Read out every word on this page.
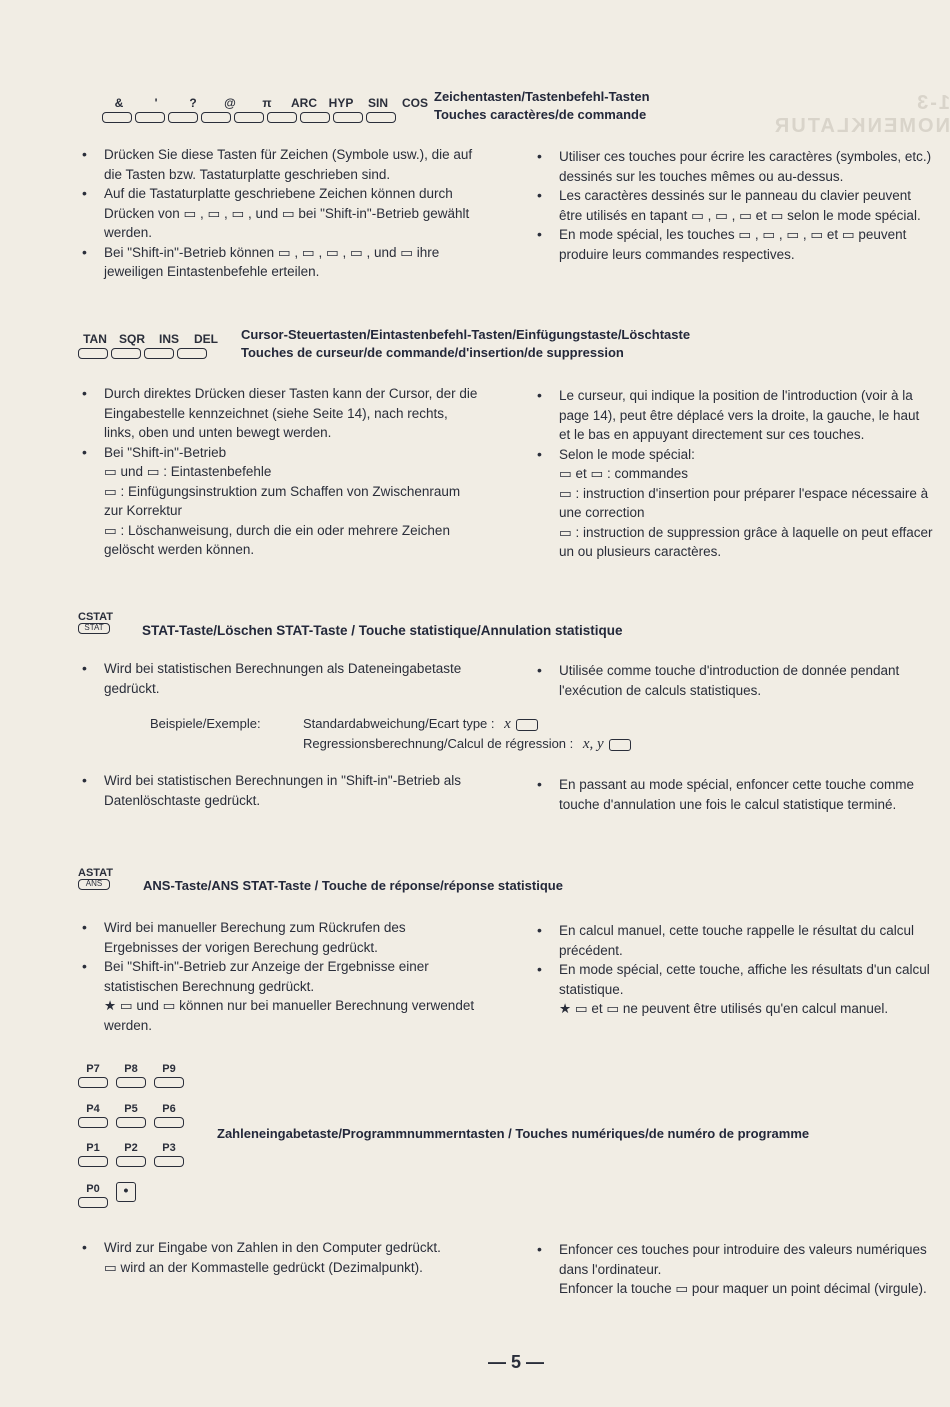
1-3 NOMENKLATUR
&	'	?	@	π	ARC HYP	SIN	COS Zeichentasten/Tastenbefehl-Tasten
Touches caractères/de commande
• Drücken Sie diese Tasten für Zeichen (Symbole usw.), die auf die Tasten bzw. Tastaturplatte geschrieben sind.
• Auf die Tastaturplatte geschriebene Zeichen können durch Drücken von ▭ , ▭ , ▭ , und ▭ bei "Shift-in"-Betrieb gewählt werden.
• Bei "Shift-in"-Betrieb können ▭ , ▭ , ▭ , ▭ , und ▭ ihre jeweiligen Eintastenbefehle erteilen.
• Utiliser ces touches pour écrire les caractères (symboles, etc.) dessinés sur les touches mêmes ou au-dessus.
• Les caractères dessinés sur le panneau du clavier peuvent être utilisés en tapant ▭ , ▭ , ▭ et ▭ selon le mode spécial.
• En mode spécial, les touches ▭ , ▭ , ▭ , ▭ et ▭ peuvent produire leurs commandes respectives.
TAN	SQR	INS	DEL	Cursor-Steuertasten/Eintastenbefehl-Tasten/Einfügungstaste/Löschtaste
Touches de curseur/de commande/d'insertion/de suppression
• Durch direktes Drücken dieser Tasten kann der Cursor, der die Eingabestelle kennzeichnet (siehe Seite 14), nach rechts, links, oben und unten bewegt werden.
• Bei "Shift-in"-Betrieb
▭ und ▭ : Eintastenbefehle
▭ : Einfügungsinstruktion zum Schaffen von Zwischenraum zur Korrektur
▭ : Löschanweisung, durch die ein oder mehrere Zeichen gelöscht werden können.
• Le curseur, qui indique la position de l'introduction (voir à la page 14), peut être déplacé vers la droite, la gauche, le haut et le bas en appuyant directement sur ces touches.
• Selon le mode spécial:
▭ et ▭ : commandes
▭ : instruction d'insertion pour préparer l'espace nécessaire à une correction
▭ : instruction de suppression grâce à laquelle on peut effacer un ou plusieurs caractères.
CSTAT
STAT	STAT-Taste/Löschen STAT-Taste / Touche statistique/Annulation statistique
• Wird bei statistischen Berechnungen als Dateneingabetaste gedrückt.
• Utilisée comme touche d'introduction de donnée pendant l'exécution de calculs statistiques.
Beispiele/Exemple:	Standardabweichung/Ecart type : x
Regressionsberechnung/Calcul de régression : x, y
• Wird bei statistischen Berechnungen in "Shift-in"-Betrieb als Datenlöschtaste gedrückt.
• En passant au mode spécial, enfoncer cette touche comme touche d'annulation une fois le calcul statistique terminé.
ASTAT
ANS	ANS-Taste/ANS STAT-Taste / Touche de réponse/réponse statistique
• Wird bei manueller Berechung zum Rückrufen des Ergebnisses der vorigen Berechung gedrückt.
• Bei "Shift-in"-Betrieb zur Anzeige der Ergebnisse einer statistischen Berechnung gedrückt.
★ ▭ und ▭ können nur bei manueller Berechnung verwendet werden.
• En calcul manuel, cette touche rappelle le résultat du calcul précédent.
• En mode spécial, cette touche, affiche les résultats d'un calcul statistique.
★ ▭ et ▭ ne peuvent être utilisés qu'en calcul manuel.
P7	P8	P9
P4	P5	P6
P1	P2	P3
P0	•
Zahleneingabetaste/Programmnummerntasten / Touches numériques/de numéro de programme
• Wird zur Eingabe von Zahlen in den Computer gedrückt.
▭ wird an der Kommastelle gedrückt (Dezimalpunkt).
• Enfoncer ces touches pour introduire des valeurs numériques dans l'ordinateur.
Enfoncer la touche ▭ pour maquer un point décimal (virgule).
— 5 —
